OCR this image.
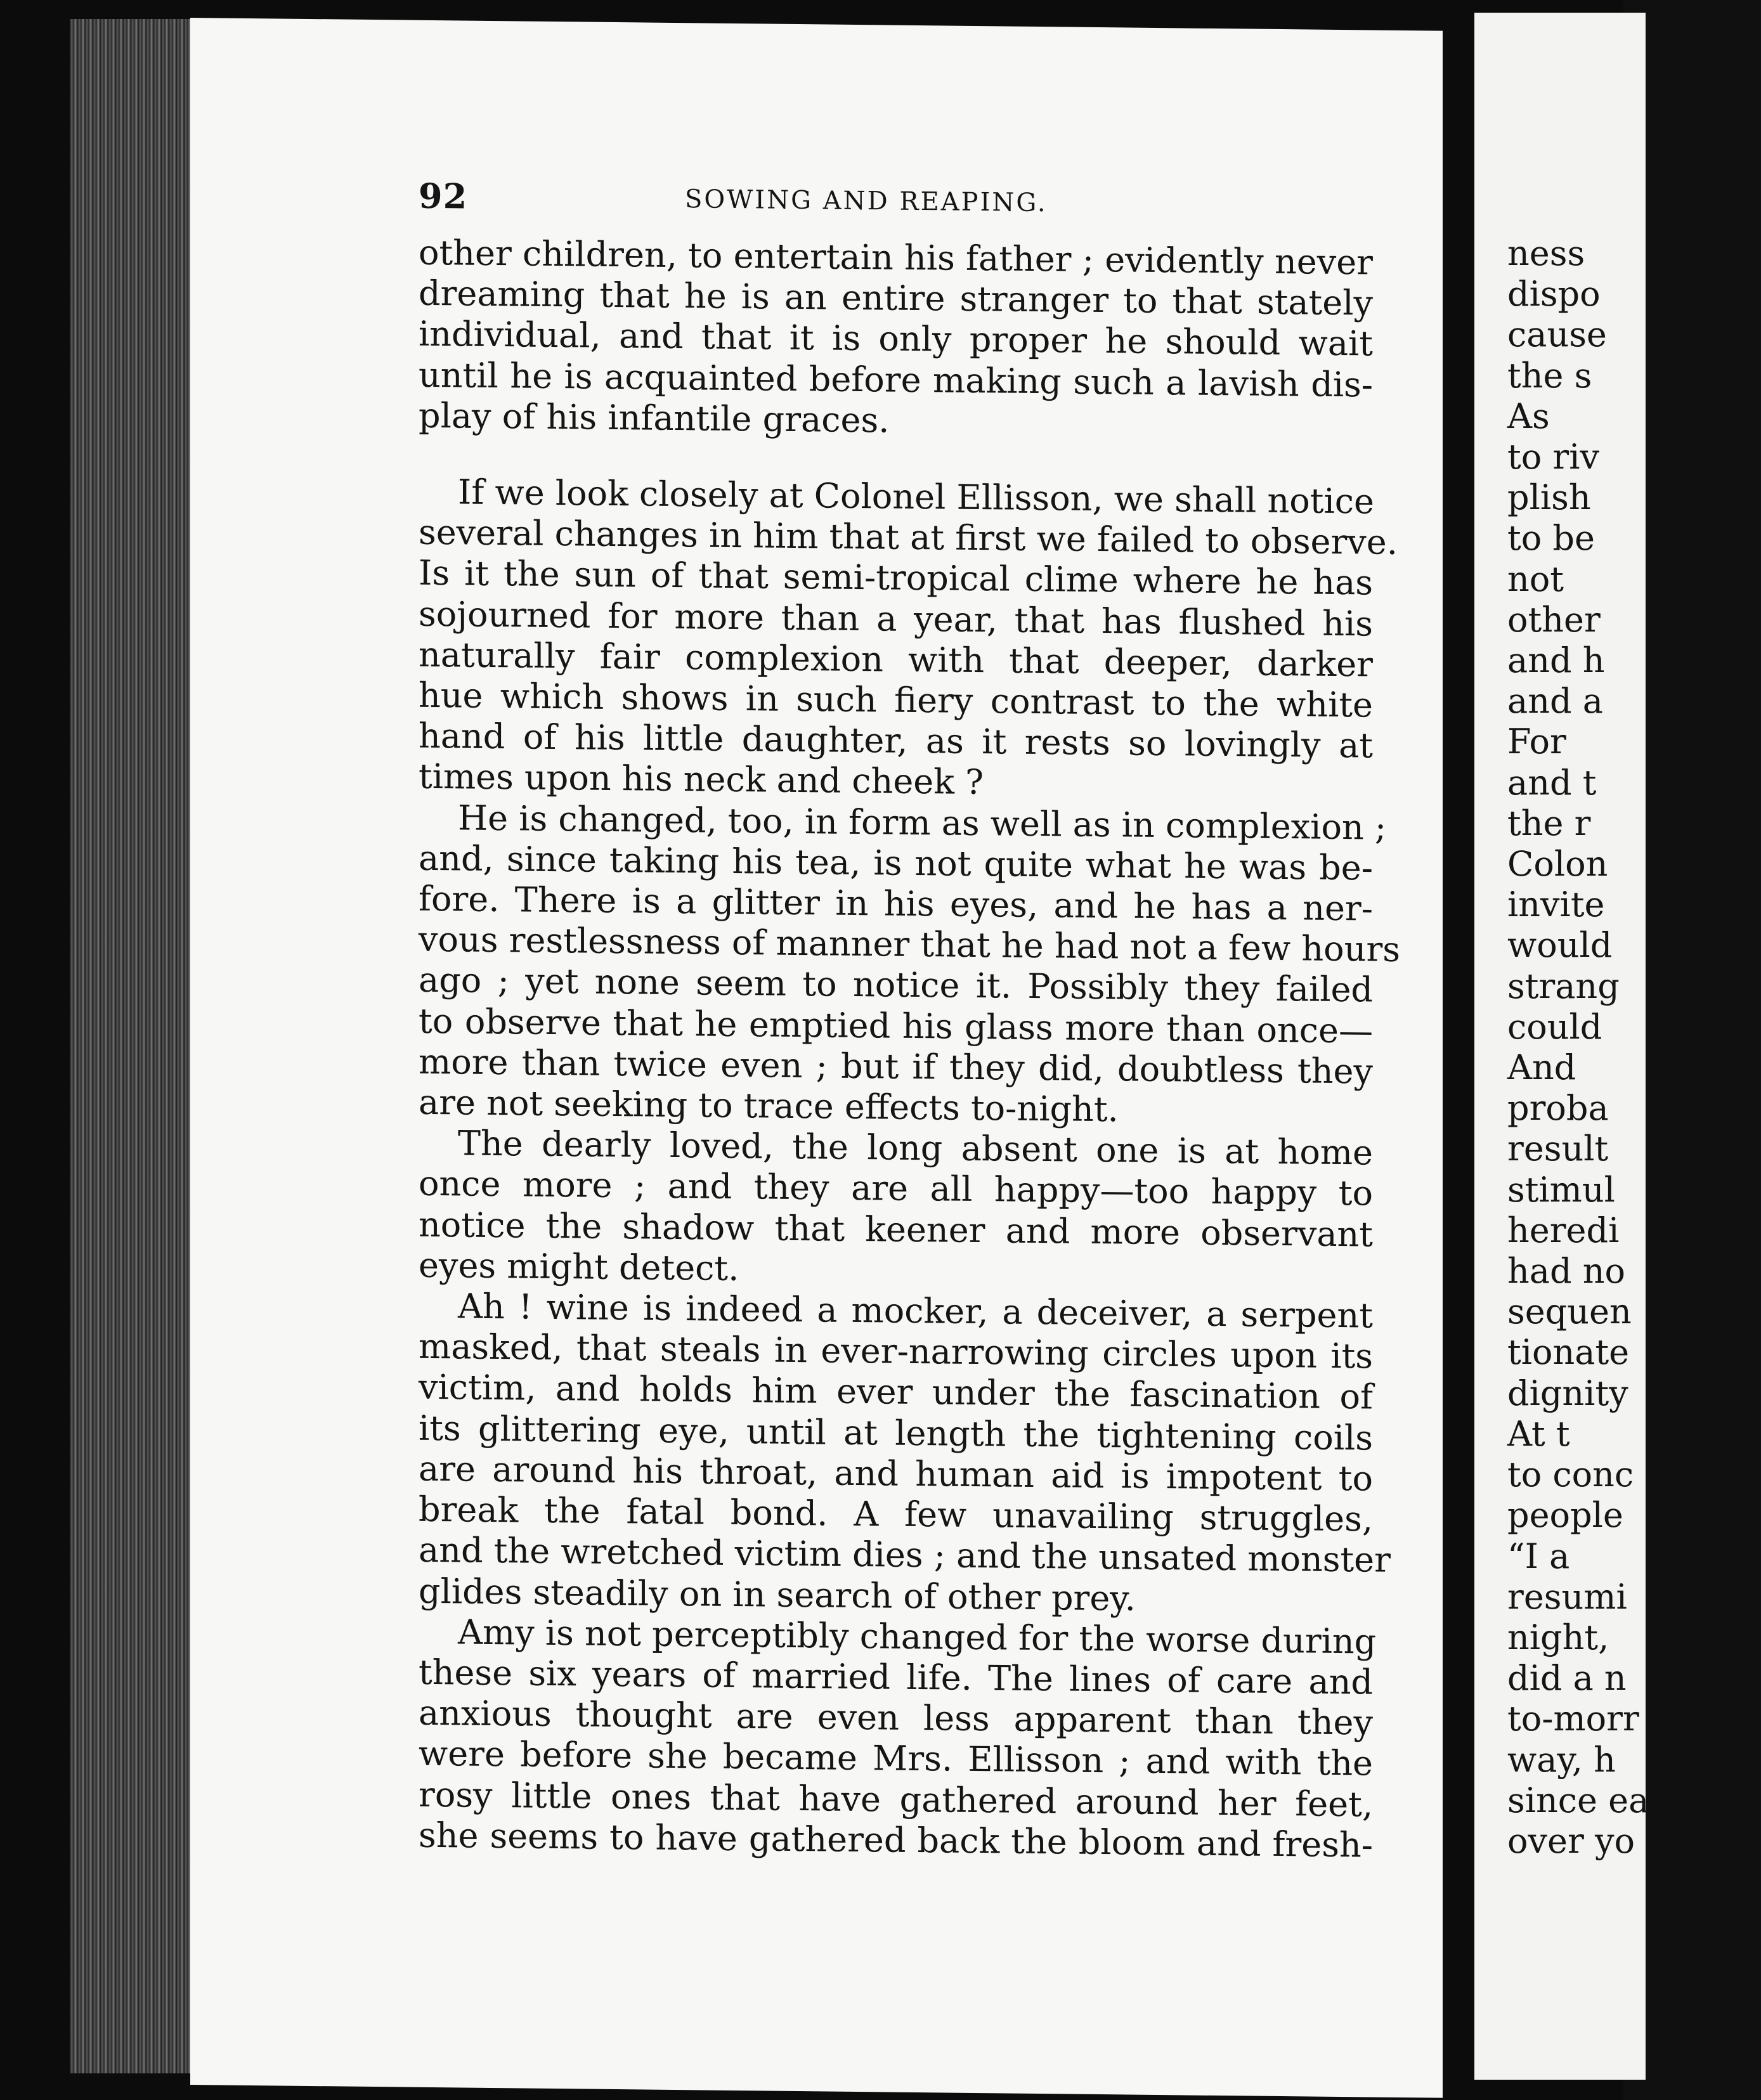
92	SOWING AND REAPING.
other children, to entertain his father ; evidently never
dreaming that he is an entire stranger to that stately
individual, and that it is only proper he should wait
until he is acquainted before making such a lavish dis-
play of his infantile graces.
If we look closely at Colonel Ellisson, we shall notice
several changes in him that at first we failed to observe.
Is it the sun of that semi-tropical clime where he has
sojourned for more than a year, that has flushed his
naturally fair complexion with that deeper, darker
hue which shows in such fiery contrast to the white
hand of his little daughter, as it rests so lovingly at
times upon his neck and cheek ?
He is changed, too, in form as well as in complexion ;
and, since taking his tea, is not quite what he was be-
fore. There is a glitter in his eyes, and he has a ner-
vous restlessness of manner that he had not a few hours
ago ; yet none seem to notice it. Possibly they failed
to observe that he emptied his glass more than once—
more than twice even ; but if they did, doubtless they
are not seeking to trace effects to-night.
The dearly loved, the long absent one is at home
once more ; and they are all happy—too happy to
notice the shadow that keener and more observant
eyes might detect.
Ah ! wine is indeed a mocker, a deceiver, a serpent
masked, that steals in ever-narrowing circles upon its
victim, and holds him ever under the fascination of
its glittering eye, until at length the tightening coils
are around his throat, and human aid is impotent to
break the fatal bond. A few unavailing struggles,
and the wretched victim dies ; and the unsated monster
glides steadily on in search of other prey.
Amy is not perceptibly changed for the worse during
these six years of married life. The lines of care and
anxious thought are even less apparent than they
were before she became Mrs. Ellisson ; and with the
rosy little ones that have gathered around her feet,
she seems to have gathered back the bloom and fresh-
ness
dispo
cause
the s
As
to riv
plish
to be
not
other
and h
and a
For
and t
the r
Colon
invite
would
strang
could
And
proba
result
stimul
heredi
had no
sequen
tionate
dignity
At t
to conc
people
“I a
resumi
night,
did a n
to-morr
way, h
since ea
over yo
